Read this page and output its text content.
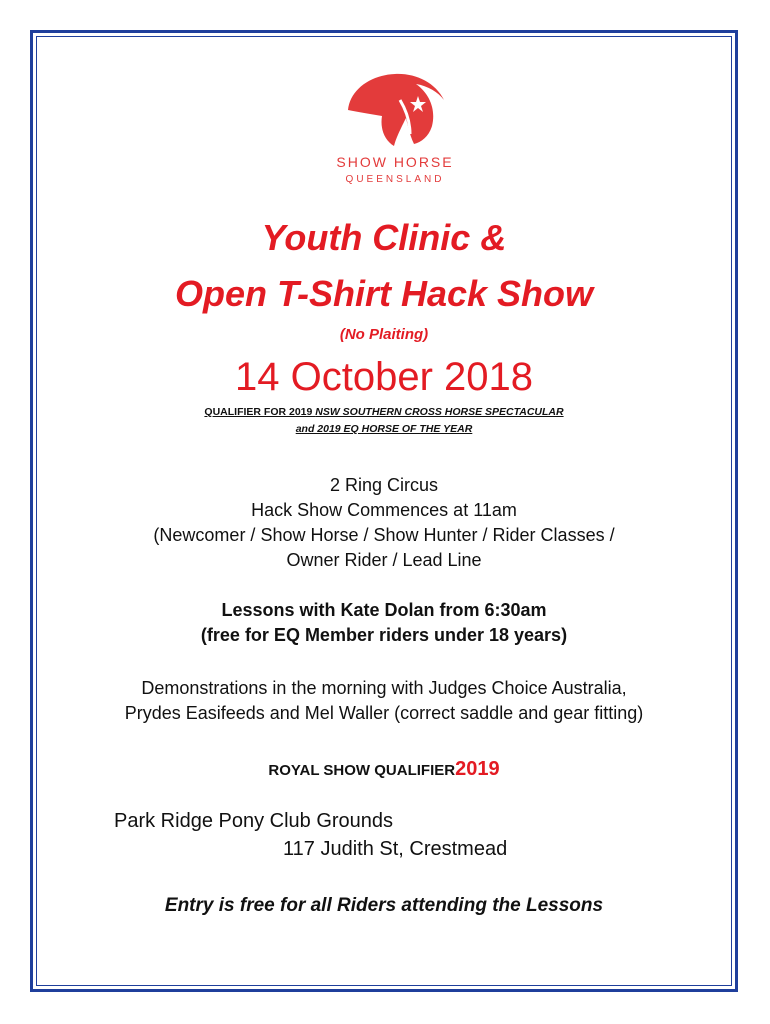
SHOW HORSE
QUEENSLAND
Youth Clinic &
Open T-Shirt Hack Show
(No Plaiting)
14 October 2018
QUALIFIER FOR 2019 NSW SOUTHERN CROSS HORSE SPECTACULAR
and 2019 EQ HORSE OF THE YEAR
2 Ring Circus
Hack Show Commences at 11am
(Newcomer / Show Horse / Show Hunter / Rider Classes /
Owner Rider / Lead Line
Lessons with Kate Dolan from 6:30am
(free for EQ Member riders under 18 years)
Demonstrations in the morning with Judges Choice Australia,
Prydes Easifeeds and Mel Waller (correct saddle and gear fitting)
ROYAL SHOW QUALIFIER2019
Park Ridge Pony Club Grounds
117 Judith St, Crestmead
Entry is free for all Riders attending the Lessons
